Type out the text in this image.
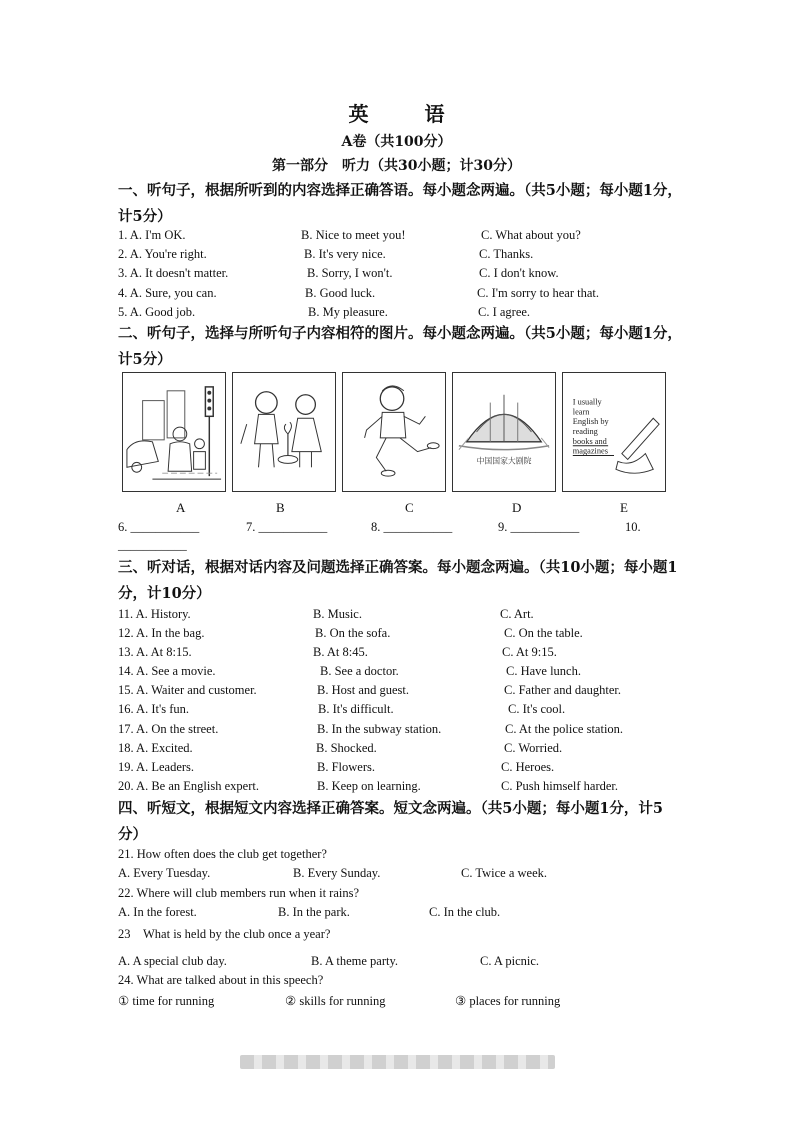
英　语
A卷（共100分）
第一部分　听力（共30小题；计30分）
一、听句子，根据所听到的内容选择正确答语。每小题念两遍。（共5小题；每小题1分，计5分）
1. A. I'm OK.	B. Nice to meet you!	C. What about you?
2. A. You're right.	B. It's very nice.	C. Thanks.
3. A. It doesn't matter.	B. Sorry, I won't.	C. I don't know.
4. A. Sure, you can.	B. Good luck.	C. I'm sorry to hear that.
5. A. Good job.	B. My pleasure.	C. I agree.
二、听句子，选择与所听句子内容相符的图片。每小题念两遍。（共5小题；每小题1分，计5分）
中国国家大剧院
I usually
learn
English by
reading
books and
magazines
A	B	C	D	E
6. ___________	7. ___________	8. ___________	9. ___________	10.
___________
三、听对话，根据对话内容及问题选择正确答案。每小题念两遍。（共10小题；每小题1分，计10分）
11. A. History.	B. Music.	C. Art.
12. A. In the bag.	B. On the sofa.	C. On the table.
13. A. At 8:15.	B. At 8:45.	C. At 9:15.
14. A. See a movie.	B. See a doctor.	C. Have lunch.
15. A. Waiter and customer.	B. Host and guest.	C. Father and daughter.
16. A. It's fun.	B. It's difficult.	C. It's cool.
17. A. On the street.	B. In the subway station.	C. At the police station.
18. A. Excited.	B. Shocked.	C. Worried.
19. A. Leaders.	B. Flowers.	C. Heroes.
20. A. Be an English expert.	B. Keep on learning.	C. Push himself harder.
四、听短文，根据短文内容选择正确答案。短文念两遍。（共5小题；每小题1分，计5分）
21. How often does the club get together?
A. Every Tuesday.	B. Every Sunday.	C. Twice a week.
22. Where will club members run when it rains?
A. In the forest.	B. In the park.	C. In the club.
23　What is held by the club once a year?
A. A special club day.	B. A theme party.	C. A picnic.
24. What are talked about in this speech?
① time for running	② skills for running	③ places for running
